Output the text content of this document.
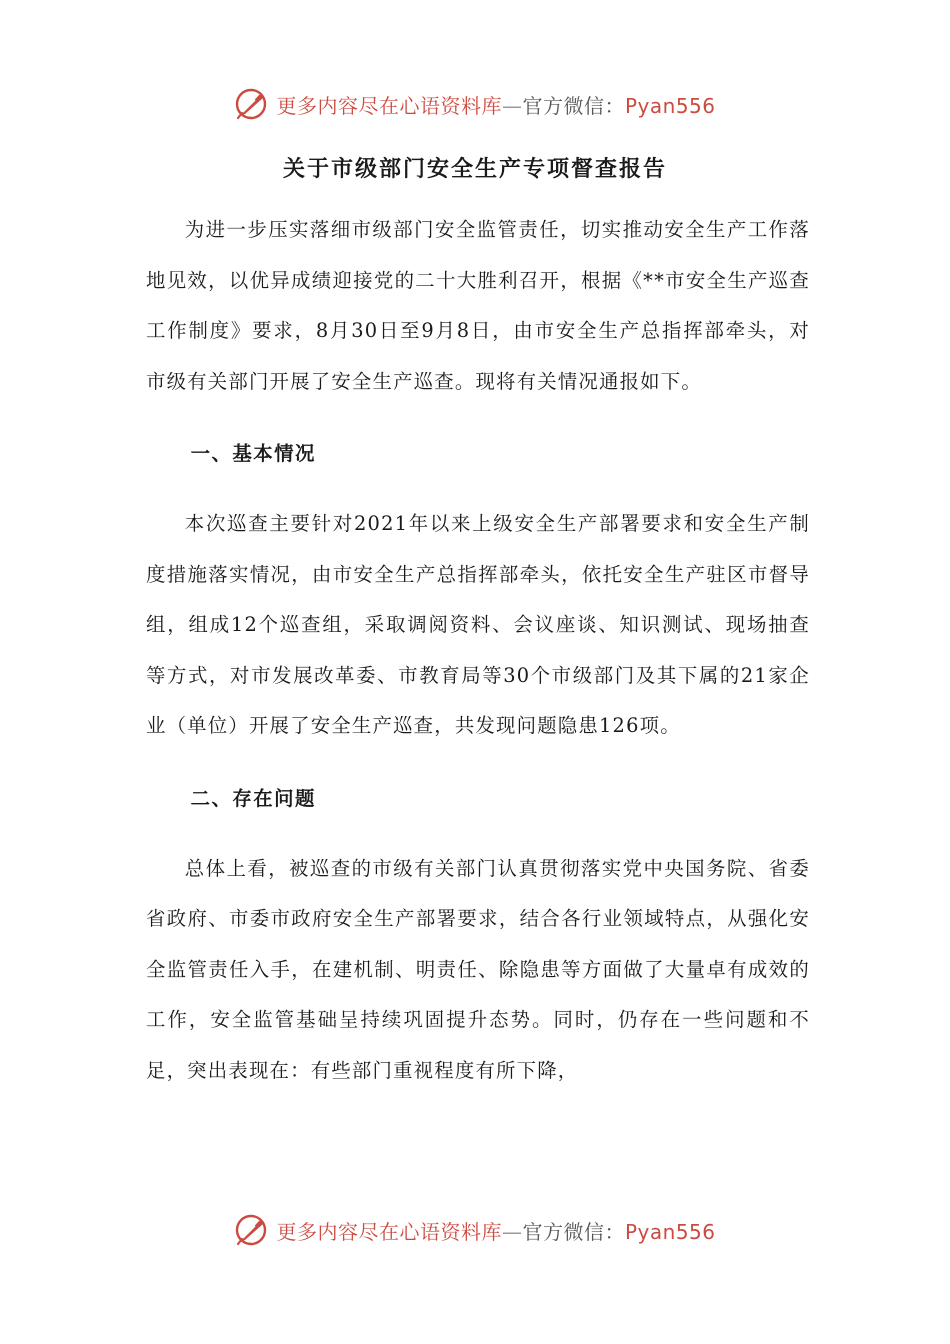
更多内容尽在心语资料库—官方微信：Pyan556
关于市级部门安全生产专项督查报告

为进一步压实落细市级部门安全监管责任，切实推动安全生产工作落地见效，以优异成绩迎接党的二十大胜利召开，根据《**市安全生产巡查工作制度》要求，8月30日至9月8日，由市安全生产总指挥部牵头，对市级有关部门开展了安全生产巡查。现将有关情况通报如下。

一、基本情况

本次巡查主要针对2021年以来上级安全生产部署要求和安全生产制度措施落实情况，由市安全生产总指挥部牵头，依托安全生产驻区市督导组，组成12个巡查组，采取调阅资料、会议座谈、知识测试、现场抽查等方式，对市发展改革委、市教育局等30个市级部门及其下属的21家企业（单位）开展了安全生产巡查，共发现问题隐患126项。

二、存在问题

总体上看，被巡查的市级有关部门认真贯彻落实党中央国务院、省委省政府、市委市政府安全生产部署要求，结合各行业领域特点，从强化安全监管责任入手，在建机制、明责任、除隐患等方面做了大量卓有成效的工作，安全监管基础呈持续巩固提升态势。同时，仍存在一些问题和不足，突出表现在：有些部门重视程度有所下降，

更多内容尽在心语资料库—官方微信：Pyan556
